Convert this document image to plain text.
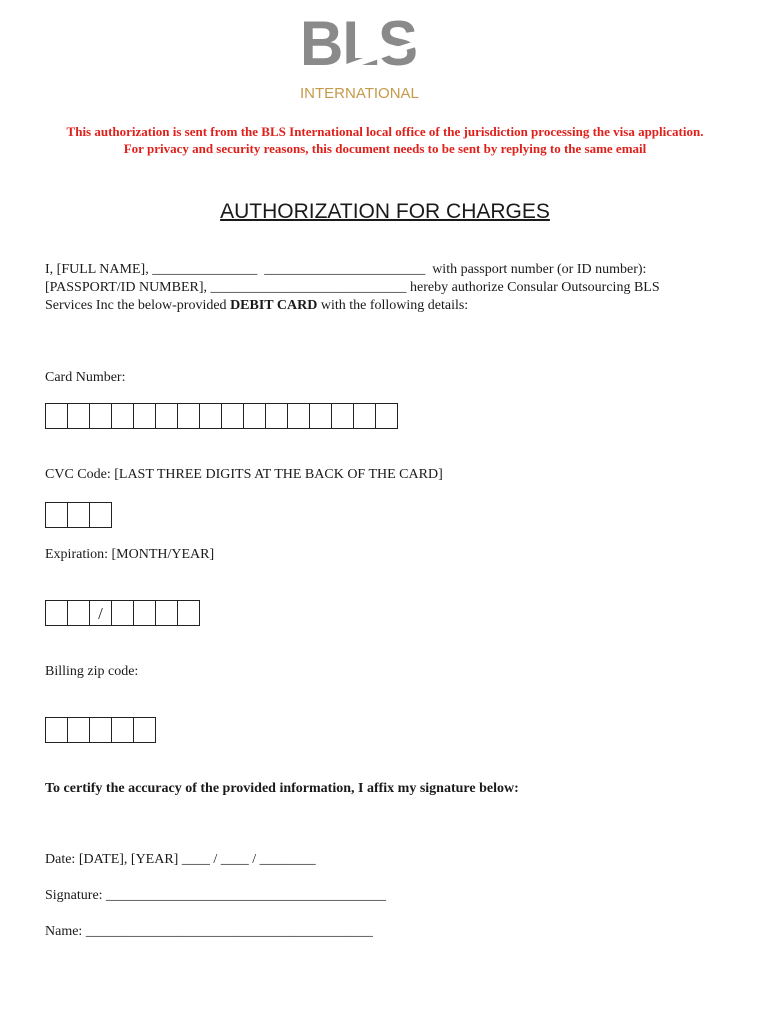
BLS
INTERNATIONAL
This authorization is sent from the BLS International local office of the jurisdiction processing the visa application.
For privacy and security reasons, this document needs to be sent by replying to the same email
AUTHORIZATION FOR CHARGES
I, [FULL NAME], _______________  _______________________  with passport number (or ID number):
[PASSPORT/ID NUMBER], ____________________________ hereby authorize Consular Outsourcing BLS
Services Inc the below-provided DEBIT CARD with the following details:
Card Number:
CVC Code: [LAST THREE DIGITS AT THE BACK OF THE CARD]
Expiration: [MONTH/YEAR]
/
Billing zip code:
To certify the accuracy of the provided information, I affix my signature below:
Date: [DATE], [YEAR] ____ / ____ / ________
Signature: ________________________________________
Name: _________________________________________
